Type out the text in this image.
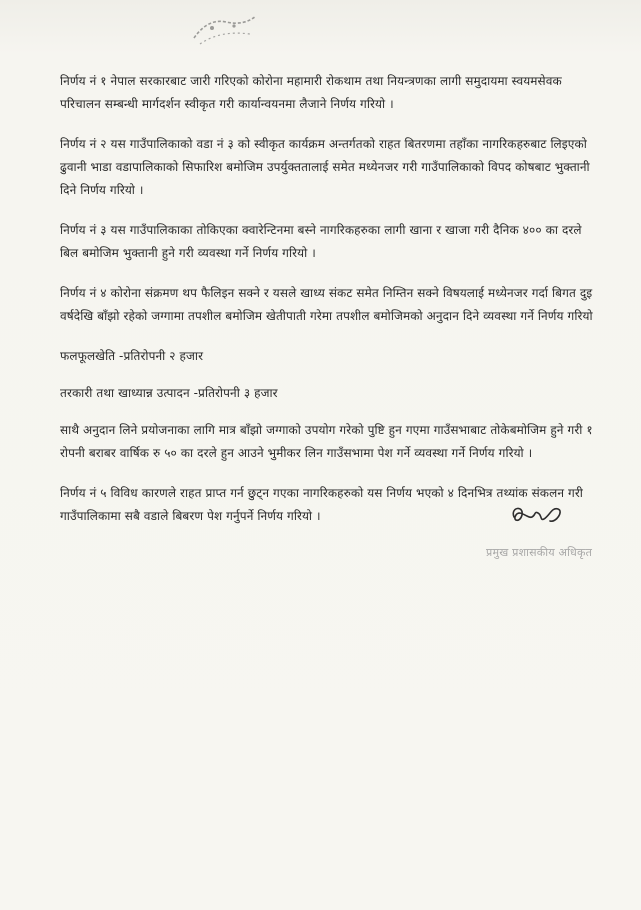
निर्णय नं १ नेपाल सरकारबाट जारी गरिएको कोरोना महामारी रोकथाम तथा नियन्त्रणका लागी समुदायमा स्वयमसेवक परिचालन सम्बन्धी मार्गदर्शन स्वीकृत गरी कार्यान्वयनमा लैजाने निर्णय गरियो ।

निर्णय नं २ यस गाउँपालिकाको वडा नं ३ को स्वीकृत कार्यक्रम अन्तर्गतको राहत बितरणमा तहाँका नागरिकहरुबाट लिइएको ढुवानी भाडा वडापालिकाको सिफारिश बमोजिम उपर्युक्ततालाई समेत मध्येनजर गरी गाउँपालिकाको विपद कोषबाट भुक्तानी दिने निर्णय गरियो ।

निर्णय नं ३ यस गाउँपालिकाका तोकिएका क्वारेन्टिनमा बस्ने नागरिकहरुका लागी खाना र खाजा गरी दैनिक ४०० का दरले बिल बमोजिम भुक्तानी हुने गरी व्यवस्था गर्ने निर्णय गरियो ।

निर्णय नं ४ कोरोना संक्रमण थप फैलिइन सक्ने र यसले खाध्य संकट समेत निम्तिन सक्ने विषयलाई मध्येनजर गर्दा बिगत दुइ वर्षदेखि बाँझो रहेको जग्गामा तपशील बमोजिम खेतीपाती गरेमा तपशील बमोजिमको अनुदान दिने व्यवस्था गर्ने निर्णय गरियो

फलफूलखेति -प्रतिरोपनी २ हजार

तरकारी तथा खाध्यान्न उत्पादन -प्रतिरोपनी ३ हजार

साथै अनुदान लिने प्रयोजनाका लागि मात्र बाँझो जग्गाको उपयोग गरेको पुष्टि हुन गएमा गाउँसभाबाट तोकेबमोजिम हुने गरी १ रोपनी बराबर वार्षिक रु ५० का दरले हुन आउने भुमीकर लिन गाउँसभामा पेश गर्ने व्यवस्था गर्ने निर्णय गरियो ।

निर्णय नं ५ विविध कारणले राहत प्राप्त गर्न छुट्न गएका नागरिकहरुको यस निर्णय भएको ४ दिनभित्र तथ्यांक संकलन गरी गाउँपालिकामा सबै वडाले बिबरण पेश गर्नुपर्ने निर्णय गरियो ।

प्रमुख प्रशासकीय अधिकृत
